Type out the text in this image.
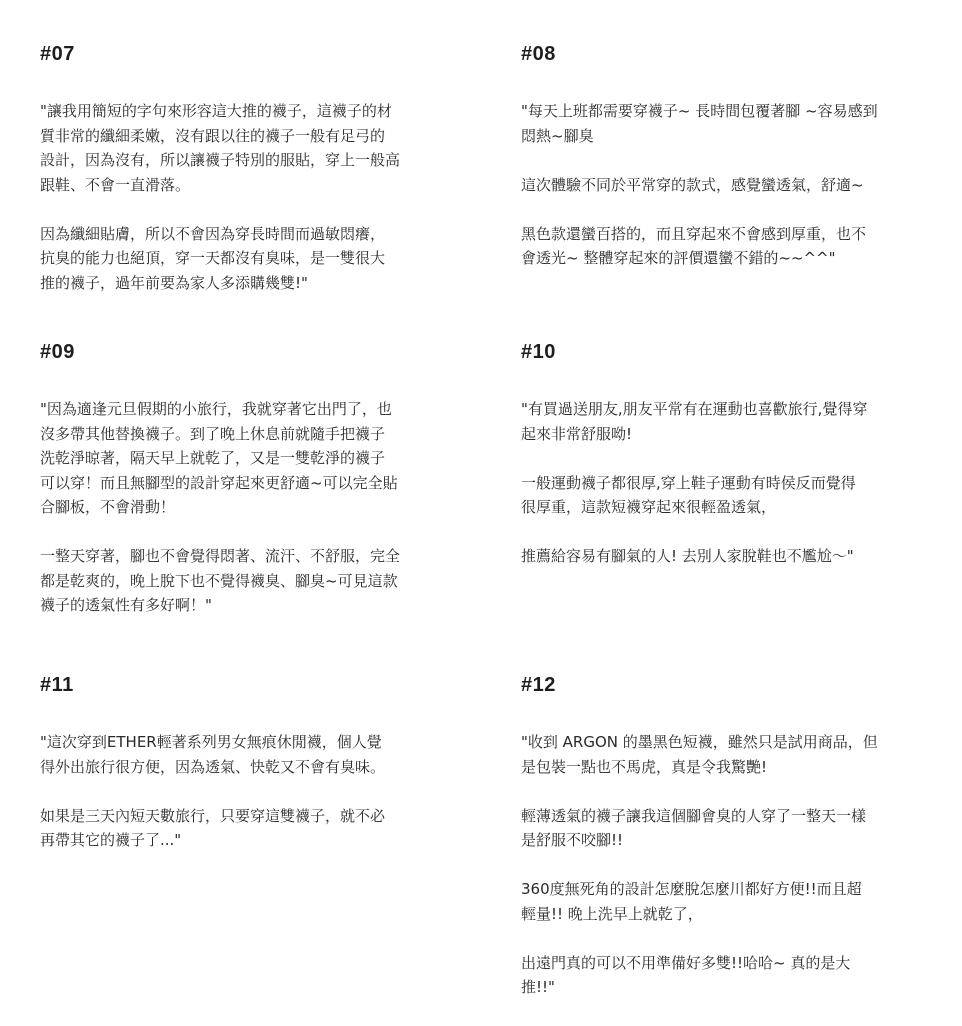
#07

"讓我用簡短的字句來形容這大推的襪子，這襪子的材
質非常的纖細柔嫩，沒有跟以往的襪子一般有足弓的
設計，因為沒有，所以讓襪子特別的服貼，穿上一般高
跟鞋、不會一直滑落。

因為纖細貼膚，所以不會因為穿長時間而過敏悶癢，
抗臭的能力也絕頂，穿一天都沒有臭味，是一雙很大
推的襪子，過年前要為家人多添購幾雙!"

#08

"每天上班都需要穿襪子~ 長時間包覆著腳 ~容易感到
悶熱~腳臭

這次體驗不同於平常穿的款式，感覺蠻透氣，舒適~

黑色款還蠻百搭的，而且穿起來不會感到厚重，也不
會透光~ 整體穿起來的評價還蠻不錯的~~^^"

#09

"因為適逢元旦假期的小旅行，我就穿著它出門了，也
沒多帶其他替換襪子。到了晚上休息前就隨手把襪子
洗乾淨晾著，隔天早上就乾了，又是一雙乾淨的襪子
可以穿！而且無腳型的設計穿起來更舒適~可以完全貼
合腳板，不會滑動！

一整天穿著，腳也不會覺得悶著、流汗、不舒服，完全
都是乾爽的，晚上脫下也不覺得襪臭、腳臭~可見這款
襪子的透氣性有多好啊！"

#10

"有買過送朋友,朋友平常有在運動也喜歡旅行,覺得穿
起來非常舒服呦!

一般運動襪子都很厚,穿上鞋子運動有時侯反而覺得
很厚重，這款短襪穿起來很輕盈透氣，

推薦給容易有腳氣的人! 去別人家脫鞋也不尷尬～"

#11

"這次穿到ETHER輕著系列男女無痕休閒襪，個人覺
得外出旅行很方便，因為透氣、快乾又不會有臭味。

如果是三天內短天數旅行，只要穿這雙襪子，就不必
再帶其它的襪子了..."

#12

"收到 ARGON 的墨黑色短襪，雖然只是試用商品，但
是包裝一點也不馬虎，真是令我驚艷!

輕薄透氣的襪子讓我這個腳會臭的人穿了一整天一樣
是舒服不咬腳!!

360度無死角的設計怎麼脫怎麼川都好方便!!而且超
輕量!! 晚上洗早上就乾了，

出遠門真的可以不用準備好多雙!!哈哈~ 真的是大
推!!"
